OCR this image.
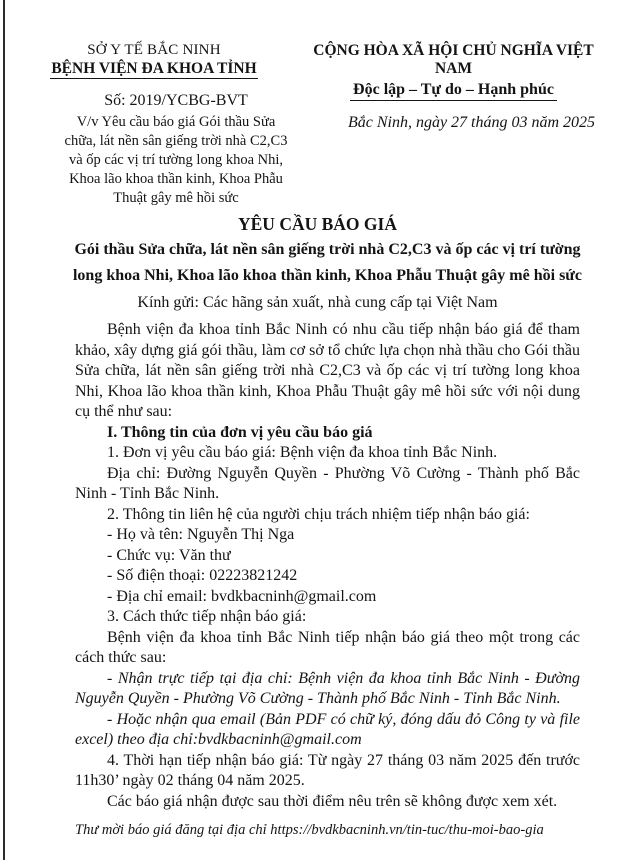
SỞ Y TẾ BẮC NINH
BỆNH VIỆN ĐA KHOA TỈNH
Số: 2019/YCBG-BVT
V/v Yêu cầu báo giá Gói thầu Sửa chữa, lát nền sân giếng trời nhà C2,C3 và ốp các vị trí tường long khoa Nhi, Khoa lão khoa thần kinh, Khoa Phẫu Thuật gây mê hồi sức
CỘNG HÒA XÃ HỘI CHỦ NGHĨA VIỆT NAM
Độc lập – Tự do – Hạnh phúc
Bắc Ninh, ngày 27 tháng 03 năm 2025
YÊU CẦU BÁO GIÁ
Gói thầu Sửa chữa, lát nền sân giếng trời nhà C2,C3 và ốp các vị trí tường long khoa Nhi, Khoa lão khoa thần kinh, Khoa Phẫu Thuật gây mê hồi sức
Kính gửi: Các hãng sản xuất, nhà cung cấp tại Việt Nam

Bệnh viện đa khoa tỉnh Bắc Ninh có nhu cầu tiếp nhận báo giá để tham khảo, xây dựng giá gói thầu, làm cơ sở tổ chức lựa chọn nhà thầu cho Gói thầu Sửa chữa, lát nền sân giếng trời nhà C2,C3 và ốp các vị trí tường long khoa Nhi, Khoa lão khoa thần kinh, Khoa Phẫu Thuật gây mê hồi sức với nội dung cụ thể như sau:

I. Thông tin của đơn vị yêu cầu báo giá

1. Đơn vị yêu cầu báo giá: Bệnh viện đa khoa tỉnh Bắc Ninh.

Địa chỉ: Đường Nguyễn Quyền - Phường Võ Cường - Thành phố Bắc Ninh - Tỉnh Bắc Ninh.

2. Thông tin liên hệ của người chịu trách nhiệm tiếp nhận báo giá:

- Họ và tên: Nguyễn Thị Nga

- Chức vụ: Văn thư

- Số điện thoại: 02223821242

- Địa chỉ email: bvdkbacninh@gmail.com

3. Cách thức tiếp nhận báo giá:

Bệnh viện đa khoa tỉnh Bắc Ninh tiếp nhận báo giá theo một trong các cách thức sau:

- Nhận trực tiếp tại địa chỉ: Bệnh viện đa khoa tỉnh Bắc Ninh - Đường Nguyễn Quyền - Phường Võ Cường - Thành phố Bắc Ninh - Tỉnh Bắc Ninh.

- Hoặc nhận qua email (Bản PDF có chữ ký, đóng dấu đỏ Công ty và file excel) theo địa chỉ:bvdkbacninh@gmail.com

4. Thời hạn tiếp nhận báo giá: Từ ngày 27 tháng 03 năm 2025 đến trước 11h30’ ngày 02 tháng 04 năm 2025.

Các báo giá nhận được sau thời điểm nêu trên sẽ không được xem xét.

Thư mời báo giá đăng tại địa chỉ https://bvdkbacninh.vn/tin-tuc/thu-moi-bao-gia
